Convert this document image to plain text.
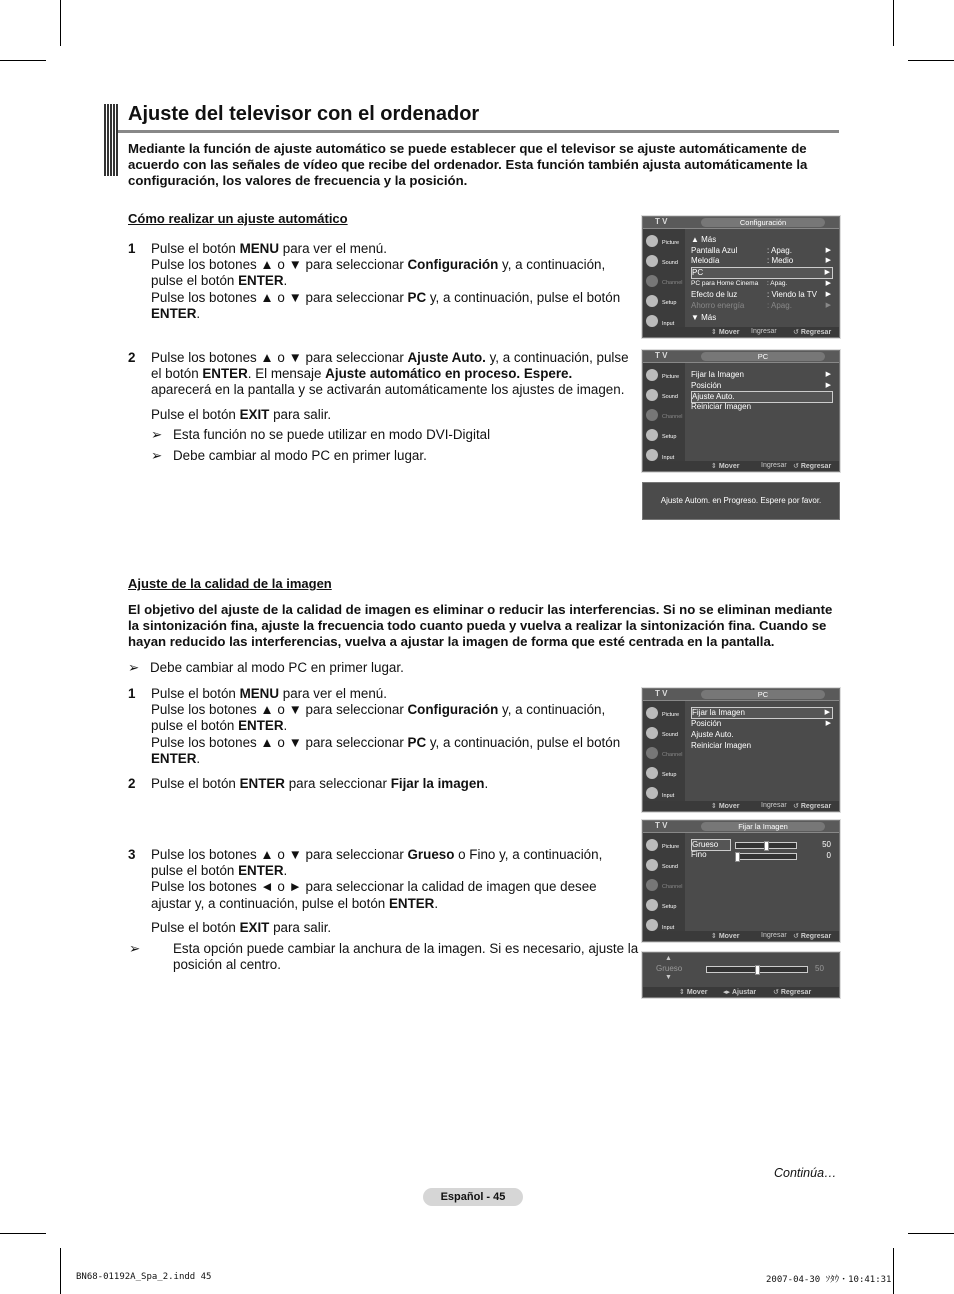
Ajuste del televisor con el ordenador
Mediante la función de ajuste automático se puede establecer que el televisor se ajuste automáticamente de acuerdo con las señales de vídeo que recibe del ordenador. Esta función también ajusta automáticamente la configuración, los valores de frecuencia y la posición.
Cómo realizar un ajuste automático
1 Pulse el botón MENU para ver el menú.
Pulse los botones ▲ o ▼ para seleccionar Configuración y, a continuación, pulse el botón ENTER.
Pulse los botones ▲ o ▼ para seleccionar PC y, a continuación, pulse el botón ENTER.
2 Pulse los botones ▲ o ▼ para seleccionar Ajuste Auto. y, a continuación, pulse el botón ENTER. El mensaje Ajuste automático en proceso. Espere. aparecerá en la pantalla y se activarán automáticamente los ajustes de imagen.
Pulse el botón EXIT para salir.
➢ Esta función no se puede utilizar en modo DVI-Digital
➢ Debe cambiar al modo PC en primer lugar.
T V	Configuración
Picture
Sound
Channel
Setup
Input
▲ Más
Pantalla Azul	: Apag.	▶
Melodía	: Medio	▶
PC	▶
PC para Home Cinema : Apag.	▶
Efecto de luz	: Viendo la TV ▶
Ahorro energía	: Apag.	▶
▼ Más
⇕ Mover Ingresar ↺ Regresar
T V	PC
Picture
Sound
Channel
Setup
Input
Fijar la Imagen	▶
Posición	▶
Ajuste Auto.
Reiniciar Imagen
⇕ Mover	Ingresar ↺ Regresar
Ajuste Autom. en Progreso. Espere por favor.
Ajuste de la calidad de la imagen
El objetivo del ajuste de la calidad de imagen es eliminar o reducir las interferencias. Si no se eliminan mediante la sintonización fina, ajuste la frecuencia todo cuanto pueda y vuelva a realizar la sintonización fina. Cuando se hayan reducido las interferencias, vuelva a ajustar la imagen de forma que esté centrada en la pantalla.
➢ Debe cambiar al modo PC en primer lugar.
1 Pulse el botón MENU para ver el menú.
Pulse los botones ▲ o ▼ para seleccionar Configuración y, a continuación, pulse el botón ENTER.
Pulse los botones ▲ o ▼ para seleccionar PC y, a continuación, pulse el botón ENTER.
2 Pulse el botón ENTER para seleccionar Fijar la imagen.
3 Pulse los botones ▲ o ▼ para seleccionar Grueso o Fino y, a continuación, pulse el botón ENTER.
Pulse los botones ◄ o ► para seleccionar la calidad de imagen que desee ajustar y, a continuación, pulse el botón ENTER.
Pulse el botón EXIT para salir.
➢ Esta opción puede cambiar la anchura de la imagen. Si es necesario, ajuste la posición al centro.
T V	PC
Picture
Sound
Channel
Setup
Input
Fijar la Imagen	▶
Posición	▶
Ajuste Auto.
Reiniciar Imagen
⇕ Mover	Ingresar ↺ Regresar
T V	Fijar la Imagen
Picture
Sound
Channel
Setup
Input
Grueso	50
Fino	0
⇕ Mover	Ingresar ↺ Regresar
▲
Grueso
▼
50
⇕ Mover ◂▸ Ajustar ↺ Regresar
Continúa…
Español - 45
BN68-01192A_Spa_2.indd 45	2007-04-30 ｿﾀｳ・10:41:31
